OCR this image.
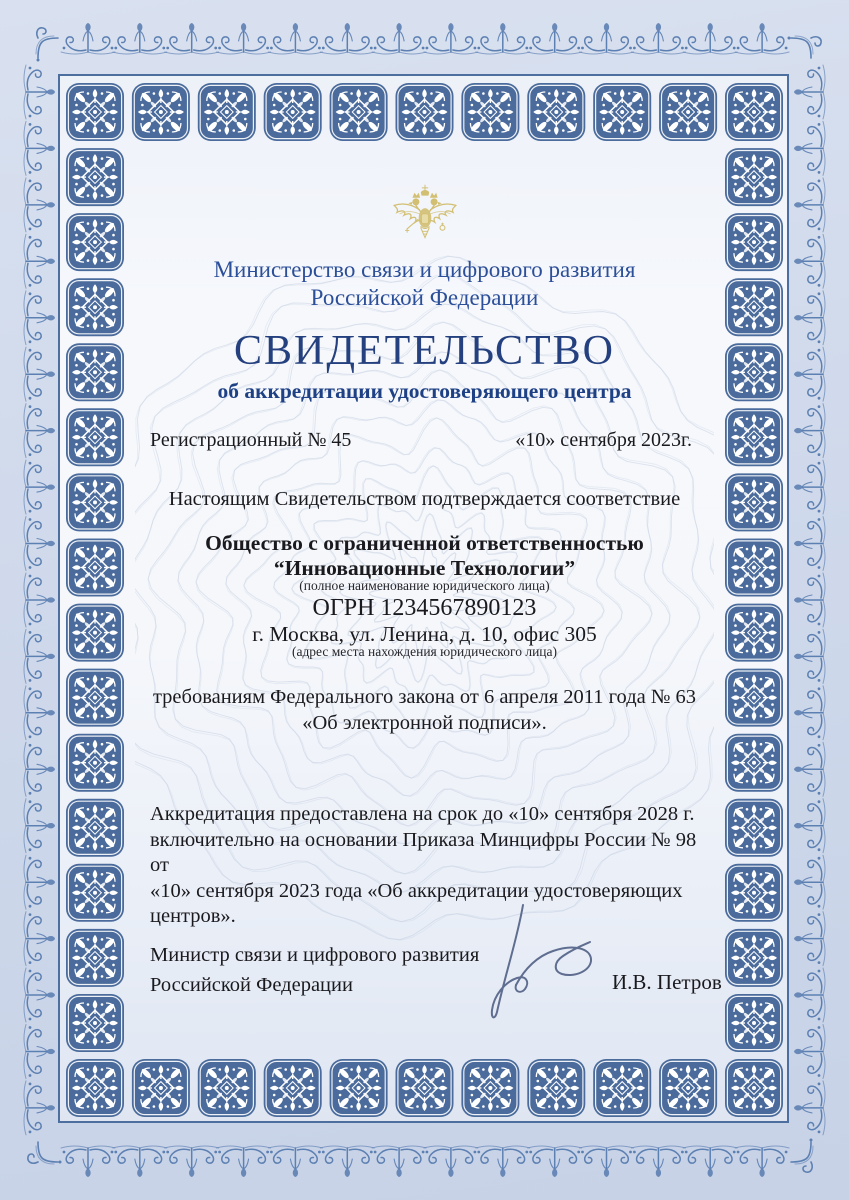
Министерство связи и цифрового развития
Российской Федерации
СВИДЕТЕЛЬСТВО
об аккредитации удостоверяющего центра
Регистрационный № 45	«10» сентября 2023г.
Настоящим Свидетельством подтверждается соответствие
Общество с ограниченной ответственностью
“Инновационные Технологии”
(полное наименование юридического лица)
ОГРН 1234567890123
г. Москва, ул. Ленина, д. 10, офис 305
(адрес места нахождения юридического лица)
требованиям Федерального закона от 6 апреля 2011 года № 63
«Об электронной подписи».
Аккредитация предоставлена на срок до «10» сентября 2028 г.
включительно на основании Приказа Минцифры России № 98 от
«10» сентября 2023 года «Об аккредитации удостоверяющих центров».
Министр связи и цифрового развития
Российской Федерации	И.В. Петров
